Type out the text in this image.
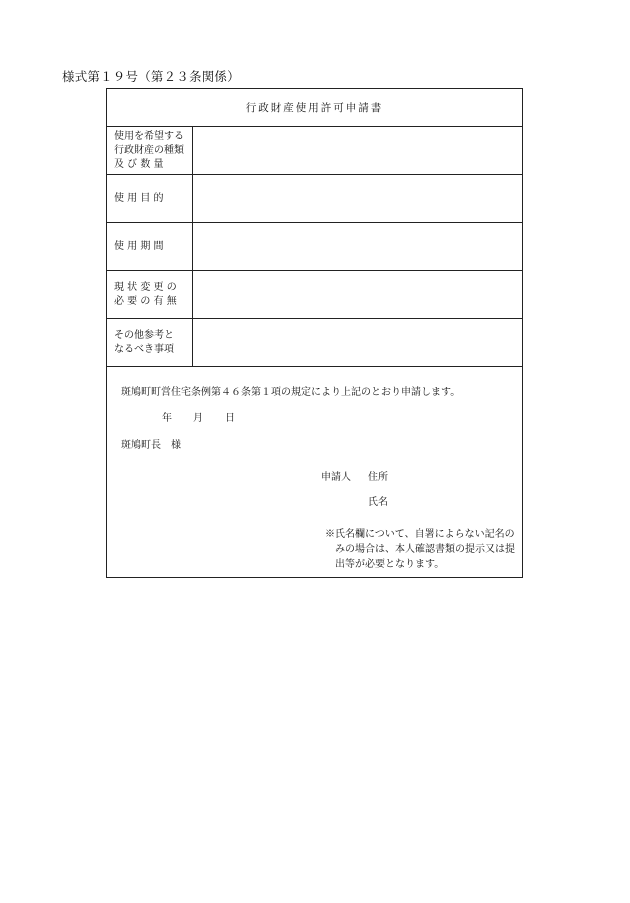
様式第１９号（第２３条関係）
行政財産使用許可申請書
使用を希望する
行政財産の種類
及 び 数 量
使 用 目 的
使 用 期 間
現 状 変 更 の
必 要 の 有 無
その他参考と
なるべき事項
斑鳩町町営住宅条例第４６条第１項の規定により上記のとおり申請します。
年 月 日
斑鳩町長　様
申請人 住所
氏名
※氏名欄について、自署によらない記名の
みの場合は、本人確認書類の提示又は提
出等が必要となります。
